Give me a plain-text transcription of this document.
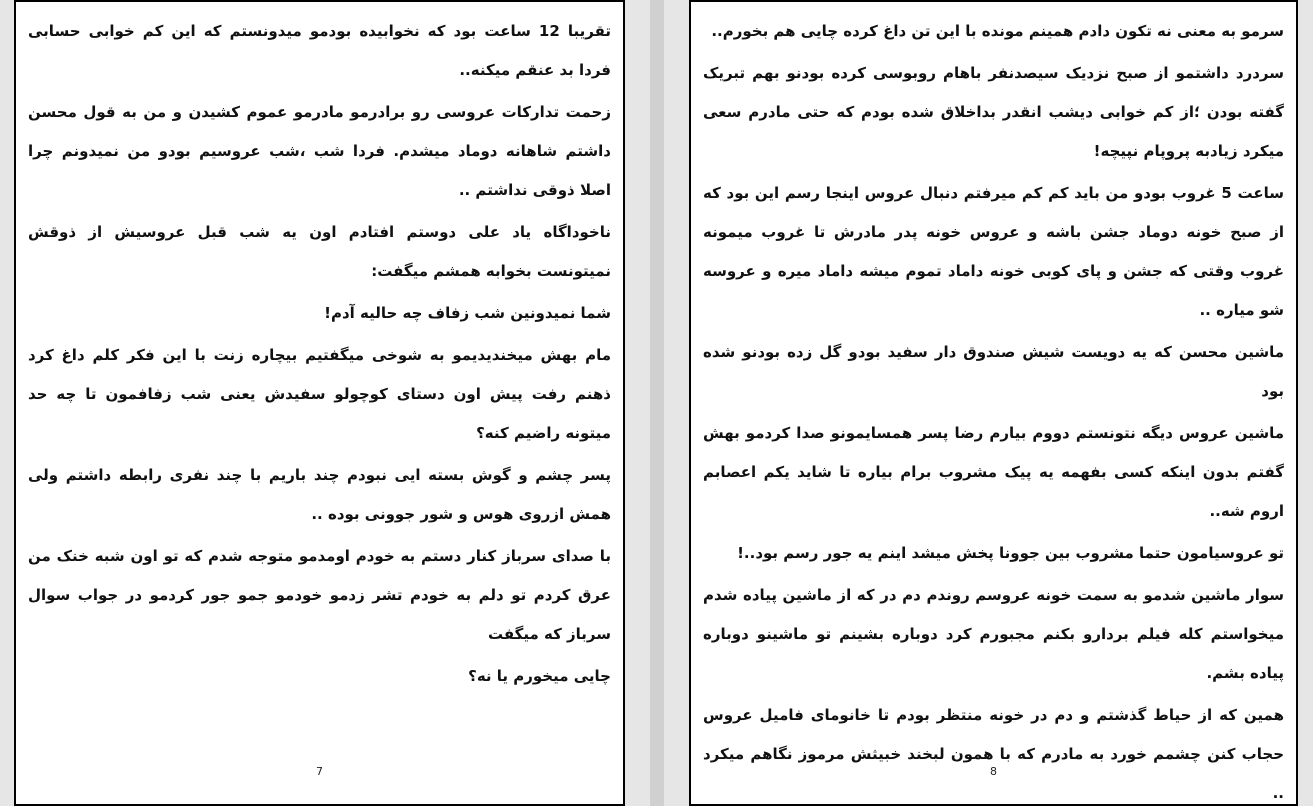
تقریبا 12 ساعت بود که نخوابیده بودمو میدونستم که این کم خوابی حسابی فردا بد عنقم میکنه..

زحمت تدارکات عروسی رو برادرمو مادرمو عموم کشیدن و من به قول محسن داشتم شاهانه دوماد میشدم. فردا شب ،شب عروسیم بودو من نمیدونم چرا اصلا ذوقی نداشتم ..

ناخوداگاه یاد علی دوستم افتادم اون یه شب قبل عروسیش از ذوقش نمیتونست بخوابه همشم میگفت:

شما نمیدونین شب زفاف چه حالیه آدم!

مام بهش میخندیدیمو به شوخی میگفتیم بیچاره زنت با این فکر کلم داغ کرد ذهنم رفت پیش اون دستای کوچولو سفیدش یعنی شب زفافمون تا چه حد میتونه راضیم کنه؟

پسر چشم و گوش بسته ایی نبودم چند باریم با چند نفری رابطه داشتم ولی همش ازروی هوس و شور جوونی بوده ..

با صدای سرباز کنار دستم به خودم اومدمو متوجه شدم که تو اون شبه خنک من عرق کردم تو دلم به خودم تشر زدمو خودمو جمو جور کردمو در جواب سوال سرباز که میگفت

چایی میخورم یا نه؟

7

سرمو به معنی نه تکون دادم همینم مونده با این تن داغ کرده چایی هم بخورم..

سردرد داشتمو از صبح نزدیک سیصدنفر باهام روبوسی کرده بودنو بهم تبریک گفته بودن ؛از کم خوابی دیشب انقدر بداخلاق شده بودم که حتی مادرم سعی میکرد زیادبه پروپام نپیچه!

ساعت 5 غروب بودو من باید کم کم میرفتم دنبال عروس اینجا رسم این بود که از صبح خونه دوماد جشن باشه و عروس خونه پدر مادرش تا غروب میمونه غروب وقتی که جشن و پای کوبی خونه داماد تموم میشه داماد میره و عروسه شو میاره ..

ماشین محسن که یه دویست شیش صندوق دار سفید بودو گل زده بودنو شده بود

ماشین عروس دیگه نتونستم دووم بیارم رضا پسر همسایمونو صدا کردمو بهش گفتم بدون اینکه کسی بفهمه یه پیک مشروب برام بیاره تا شاید یکم اعصابم اروم شه..

تو عروسیامون حتما مشروب بین جوونا پخش میشد اینم یه جور رسم بود..!

سوار ماشین شدمو به سمت خونه عروسم روندم دم در که از ماشین پیاده شدم میخواستم کله فیلم بردارو بکنم مجبورم کرد دوباره بشینم تو ماشینو دوباره پیاده بشم.

همین که از حیاط گذشتم و دم در خونه منتظر بودم تا خانومای فامیل عروس حجاب کنن چشمم خورد به مادرم که با همون لبخند خبیثش مرموز نگاهم میکرد ..

8
